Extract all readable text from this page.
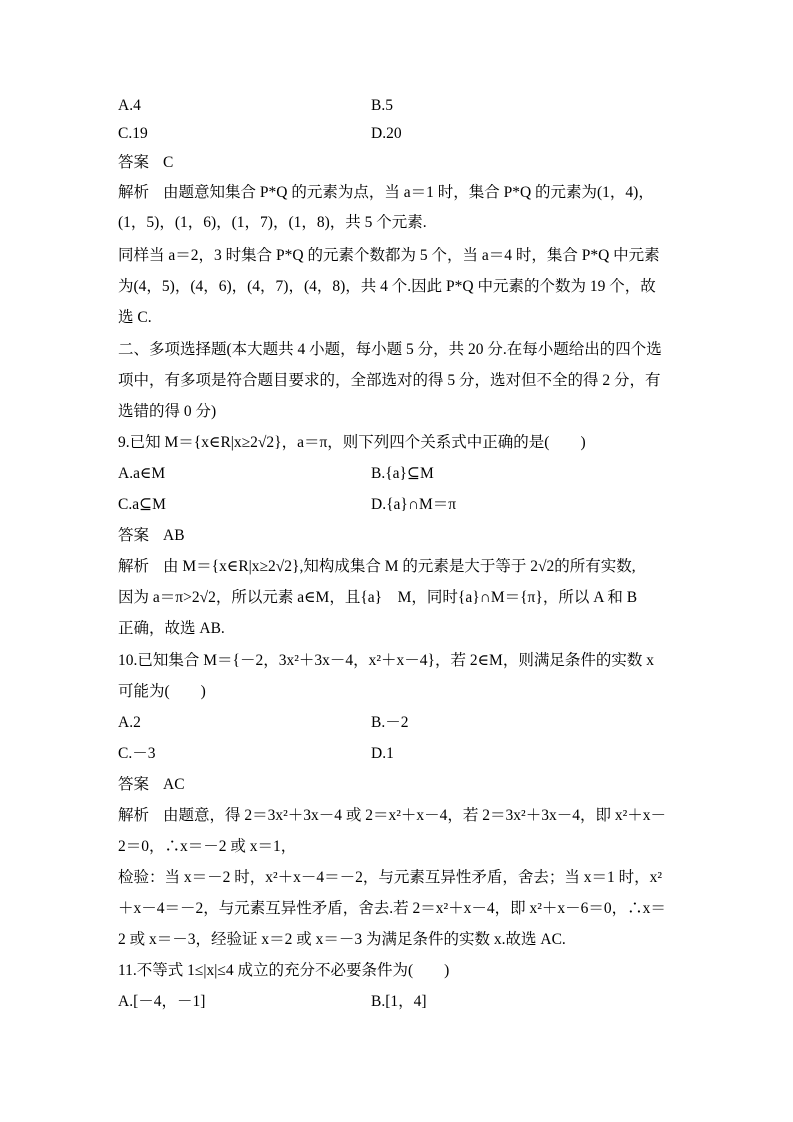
A.4	B.5
C.19	D.20
答案 C
解析 由题意知集合 P*Q 的元素为点，当 a＝1 时，集合 P*Q 的元素为(1，4)，
(1，5)，(1，6)，(1，7)，(1，8)，共 5 个元素.
同样当 a＝2，3 时集合 P*Q 的元素个数都为 5 个，当 a＝4 时，集合 P*Q 中元素
为(4，5)，(4，6)，(4，7)，(4，8)，共 4 个.因此 P*Q 中元素的个数为 19 个，故
选 C.
二、多项选择题(本大题共 4 小题，每小题 5 分，共 20 分.在每小题给出的四个选
项中，有多项是符合题目要求的，全部选对的得 5 分，选对但不全的得 2 分，有
选错的得 0 分)
9.已知 M＝{x∈R|x≥2√2}，a＝π，则下列四个关系式中正确的是(　　)
A.a∈M	B.{a}⊆M
C.a⊆M	D.{a}∩M＝π
答案 AB
解析 由 M＝{x∈R|x≥2√2},知构成集合 M 的元素是大于等于 2√2的所有实数,
因为 a＝π>2√2，所以元素 a∈M，且{a}　M，同时{a}∩M＝{π}，所以 A 和 B
正确，故选 AB.
10.已知集合 M＝{－2，3x²＋3x－4，x²＋x－4}，若 2∈M，则满足条件的实数 x
可能为(　　)
A.2	B.－2
C.－3	D.1
答案 AC
解析 由题意，得 2＝3x²＋3x－4 或 2＝x²＋x－4，若 2＝3x²＋3x－4，即 x²＋x－
2＝0，∴x＝－2 或 x＝1，
检验：当 x＝－2 时，x²＋x－4＝－2，与元素互异性矛盾，舍去；当 x＝1 时，x²
＋x－4＝－2，与元素互异性矛盾，舍去.若 2＝x²＋x－4，即 x²＋x－6＝0，∴x＝
2 或 x＝－3，经验证 x＝2 或 x＝－3 为满足条件的实数 x.故选 AC.
11.不等式 1≤|x|≤4 成立的充分不必要条件为(　　)
A.[－4，－1]	B.[1，4]
